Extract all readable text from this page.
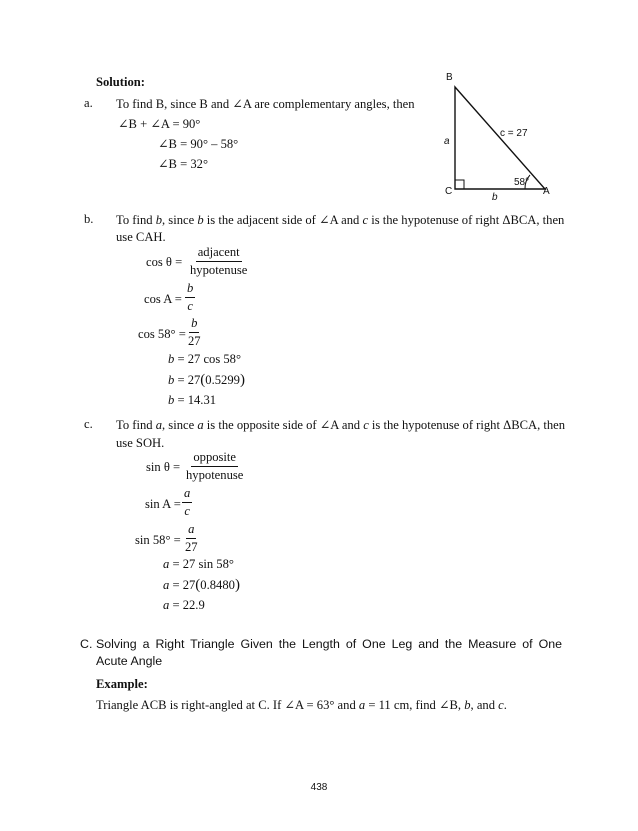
Solution:
a. To find B, since B and ∠A are complementary angles, then
∠B + ∠A = 90°
∠B = 90° – 58°
∠B = 32°
B
C	A
a
b
c = 27
58°
b. To find b, since b is the adjacent side of ∠A and c is the hypotenuse of right ΔBCA, then
use CAH.
cos θ =
adjacent
hypotenuse
$\cos A = \frac{b}{c}$
$\cos 58^\circ = \frac{b}{27}$
b = 27 cos 58°
b = 27(0.5299)
b = 14.31
c. To find a, since a is the opposite side of ∠A and c is the hypotenuse of right ΔBCA, then
use SOH.
sin θ =
opposite
hypotenuse
$\sin A = \frac{a}{c}$
$\sin 58^\circ = \frac{a}{27}$
a = 27 sin 58°
a = 27(0.8480)
a = 22.9
C. Solving a Right Triangle Given the Length of One Leg and the Measure of One
Acute Angle
Example:
Triangle ACB is right-angled at C. If ∠A = 63° and a = 11 cm, find ∠B, b, and c.
438
